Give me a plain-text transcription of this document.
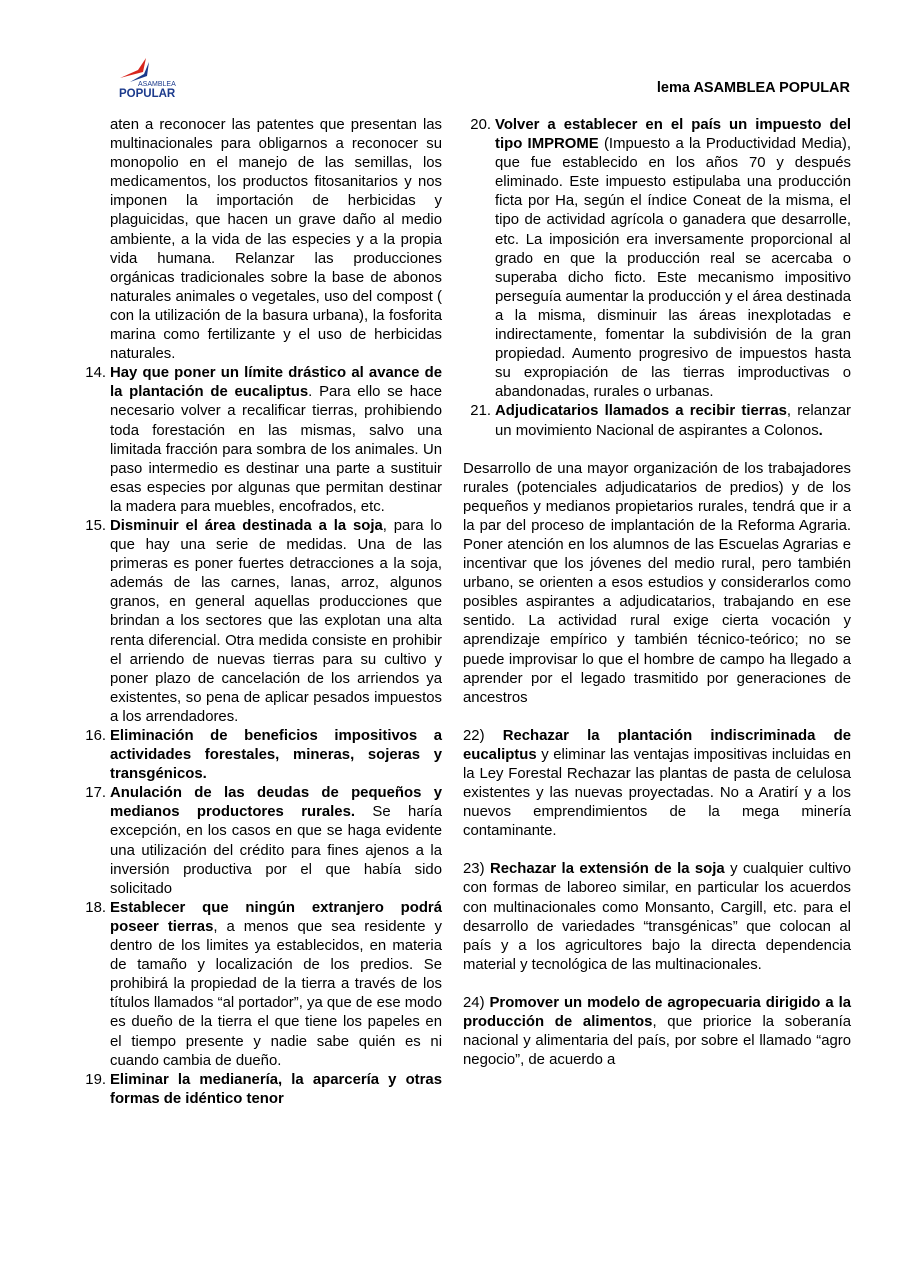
ASAMBLEA
POPULAR	lema ASAMBLEA POPULAR
aten a reconocer las patentes que presentan las multinacionales para obligarnos a reconocer su monopolio en el manejo de las semillas, los medicamentos, los productos fitosanitarios y nos imponen la importación de herbicidas y plaguicidas, que hacen un grave daño al medio ambiente, a la vida de las especies y a la propia vida humana. Relanzar las producciones orgánicas tradicionales sobre la base de abonos naturales animales o vegetales, uso del compost ( con la utilización de la basura urbana), la fosforita marina como fertilizante y el uso de herbicidas naturales.
14. Hay que poner un límite drástico al avance de la plantación de eucaliptus. Para ello se hace necesario volver a recalificar tierras, prohibiendo toda forestación en las mismas, salvo una limitada fracción para sombra de los animales. Un paso intermedio es destinar una parte a sustituir esas especies por algunas que permitan destinar la madera para muebles, encofrados, etc.
15. Disminuir el área destinada a la soja, para lo que hay una serie de medidas. Una de las primeras es poner fuertes detracciones a la soja, además de las carnes, lanas, arroz, algunos granos, en general aquellas producciones que brindan a los sectores que las explotan una alta renta diferencial. Otra medida consiste en prohibir el arriendo de nuevas tierras para su cultivo y poner plazo de cancelación de los arriendos ya existentes, so pena de aplicar pesados impuestos a los arrendadores.
16. Eliminación de beneficios impositivos a actividades forestales, mineras, sojeras y transgénicos.
17. Anulación de las deudas de pequeños y medianos productores rurales. Se haría excepción, en los casos en que se haga evidente una utilización del crédito para fines ajenos a la inversión productiva por el que había sido solicitado
18. Establecer que ningún extranjero podrá poseer tierras, a menos que sea residente y dentro de los limites ya establecidos, en materia de tamaño y localización de los predios. Se prohibirá la propiedad de la tierra a través de los títulos llamados “al portador”, ya que de ese modo es dueño de la tierra el que tiene los papeles en el tiempo presente y nadie sabe quién es ni cuando cambia de dueño.
19. Eliminar la medianería, la aparcería y otras formas de idéntico tenor
20. Volver a establecer en el país un impuesto del tipo IMPROME (Impuesto a la Productividad Media), que fue establecido en los años 70 y después eliminado. Este impuesto estipulaba una producción ficta por Ha, según el índice Coneat de la misma, el tipo de actividad agrícola o ganadera que desarrolle, etc. La imposición era inversamente proporcional al grado en que la producción real se acercaba o superaba dicho ficto. Este mecanismo impositivo perseguía aumentar la producción y el área destinada a la misma, disminuir las áreas inexplotadas e indirectamente, fomentar la subdivisión de la gran propiedad. Aumento progresivo de impuestos hasta su expropiación de las tierras improductivas o abandonadas, rurales o urbanas.
21. Adjudicatarios llamados a recibir tierras, relanzar un movimiento Nacional de aspirantes a Colonos.
Desarrollo de una mayor organización de los trabajadores rurales (potenciales adjudicatarios de predios) y de los pequeños y medianos propietarios rurales, tendrá que ir a la par del proceso de implantación de la Reforma Agraria. Poner atención en los alumnos de las Escuelas Agrarias e incentivar que los jóvenes del medio rural, pero también urbano, se orienten a esos estudios y considerarlos como posibles aspirantes a adjudicatarios, trabajando en ese sentido. La actividad rural exige cierta vocación y aprendizaje empírico y también técnico-teórico; no se puede improvisar lo que el hombre de campo ha llegado a aprender por el legado trasmitido por generaciones de ancestros
22) Rechazar la plantación indiscriminada de eucaliptus y eliminar las ventajas impositivas incluidas en la Ley Forestal Rechazar las plantas de pasta de celulosa existentes y las nuevas proyectadas. No a Aratirí y a los nuevos emprendimientos de la mega minería contaminante.
23) Rechazar la extensión de la soja y cualquier cultivo con formas de laboreo similar, en particular los acuerdos con multinacionales como Monsanto, Cargill, etc. para el desarrollo de variedades “transgénicas” que colocan al país y a los agricultores bajo la directa dependencia material y tecnológica de las multinacionales.
24) Promover un modelo de agropecuaria dirigido a la producción de alimentos, que priorice la soberanía nacional y alimentaria del país, por sobre el llamado “agro negocio”, de acuerdo a
